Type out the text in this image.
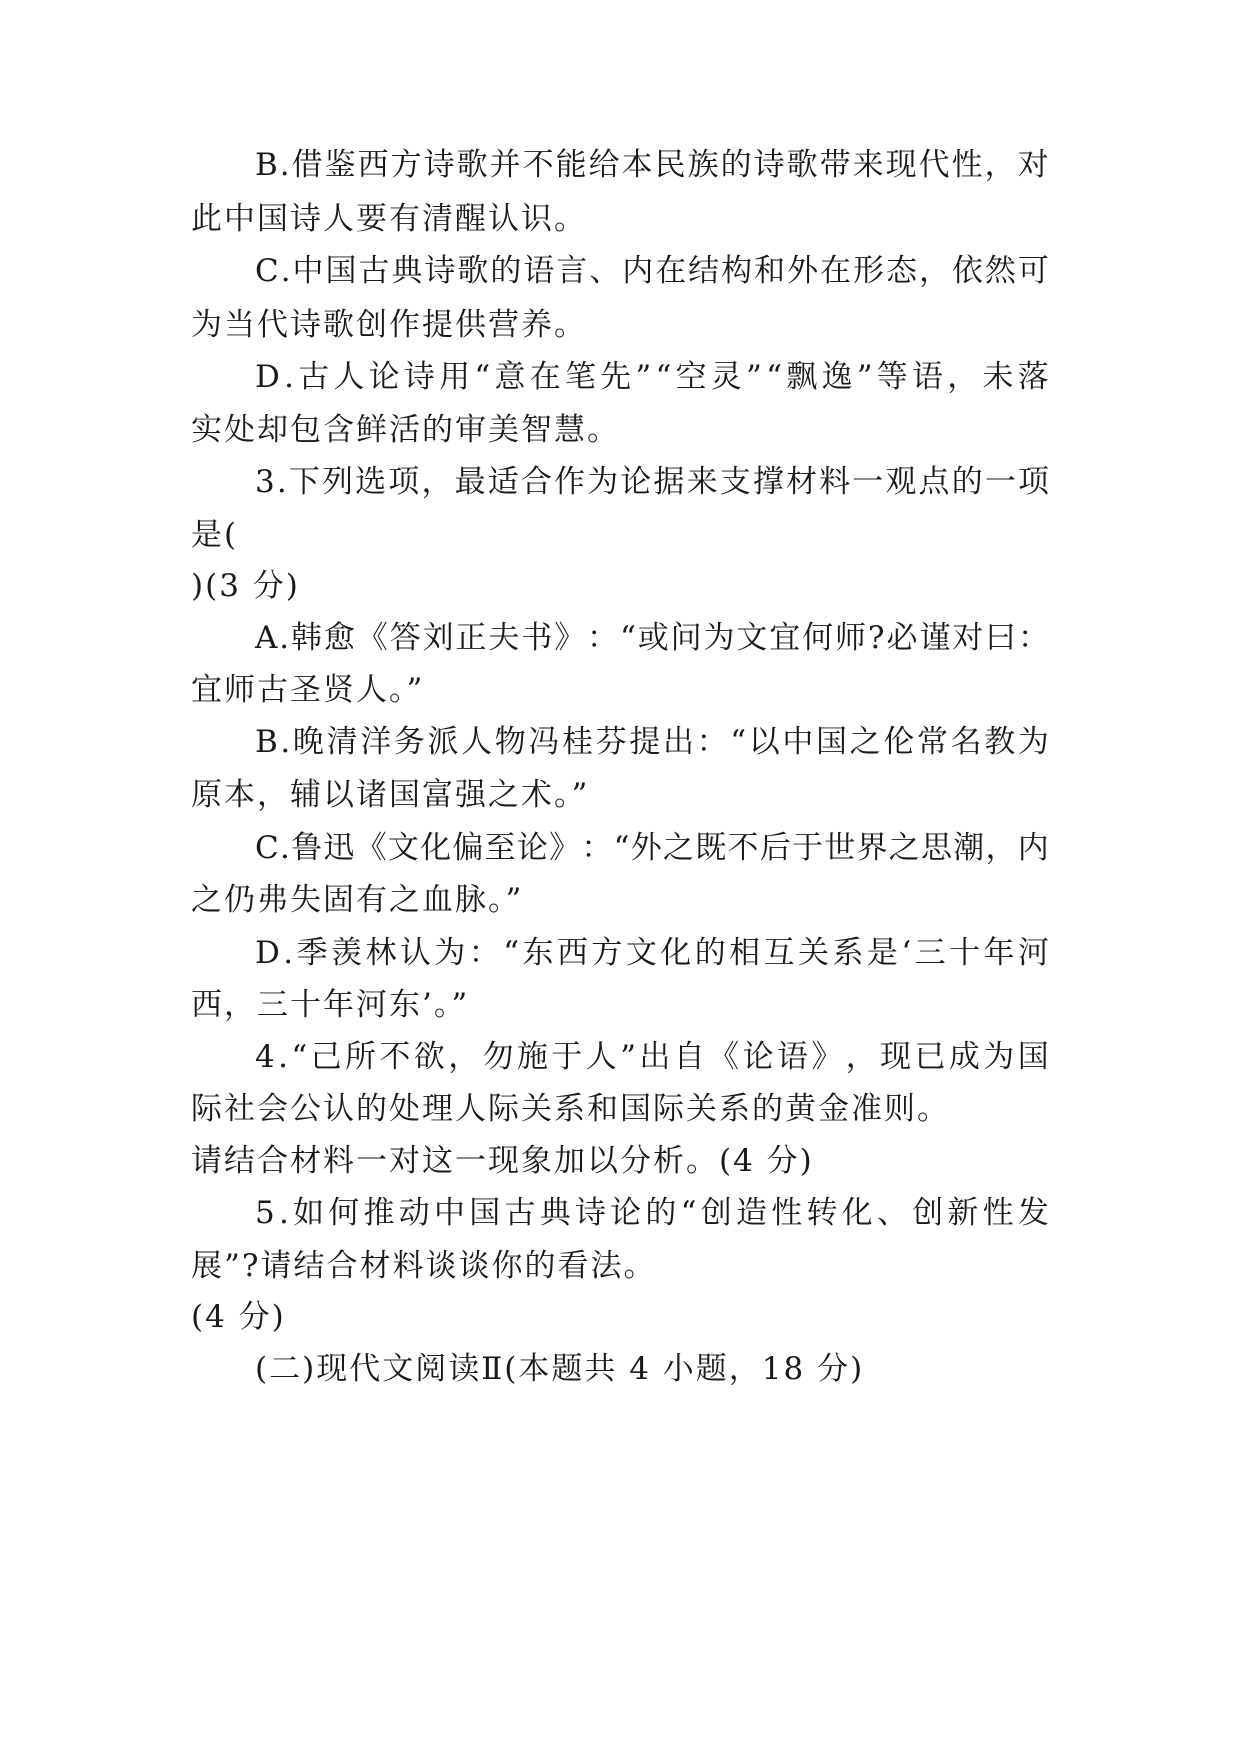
B . 借 鉴 西 方 诗 歌 并 不 能 给 本 民 族 的 诗 歌 带 来 现 代 性 ， 对
此中国诗人要有清醒认识。
C . 中 国 古 典 诗 歌 的 语 言 、 内 在 结 构 和 外 在 形 态 ， 依 然 可
为当代诗歌创作提供营养。
D . 古 人 论 诗 用 “ 意 在 笔 先 ” “ 空 灵 ” “ 飘 逸 ” 等 语 ， 未 落
实处却包含鲜活的审美智慧。
3 . 下 列 选 项 ， 最 适 合 作 为 论 据 来 支 撑 材 料 一 观 点 的 一 项
是(
)(3 分)
A . 韩 愈 《 答 刘 正 夫 书 》 ： “ 或 问 为 文 宜 何 师 ? 必 谨 对 曰 ：
宜师古圣贤人。”
B . 晚 清 洋 务 派 人 物 冯 桂 芬 提 出 ： “ 以 中 国 之 伦 常 名 教 为
原本，辅以诸国富强之术。”
C . 鲁 迅 《 文 化 偏 至 论 》 ： “ 外 之 既 不 后 于 世 界 之 思 潮 ， 内
之仍弗失固有之血脉。”
D . 季 羡 林 认 为 ： “ 东 西 方 文 化 的 相 互 关 系 是 ‘ 三 十 年 河
西，三十年河东’。”
4 . “ 己 所 不 欲 ， 勿 施 于 人 ” 出 自 《 论 语 》 ， 现 已 成 为 国
际社会公认的处理人际关系和国际关系的黄金准则。
请结合材料一对这一现象加以分析。(4 分)
5 . 如 何 推 动 中 国 古 典 诗 论 的 “ 创 造 性 转 化 、 创 新 性 发
展”?请结合材料谈谈你的看法。
(4 分)
(二)现代文阅读Ⅱ(本题共 4 小题，18 分)
